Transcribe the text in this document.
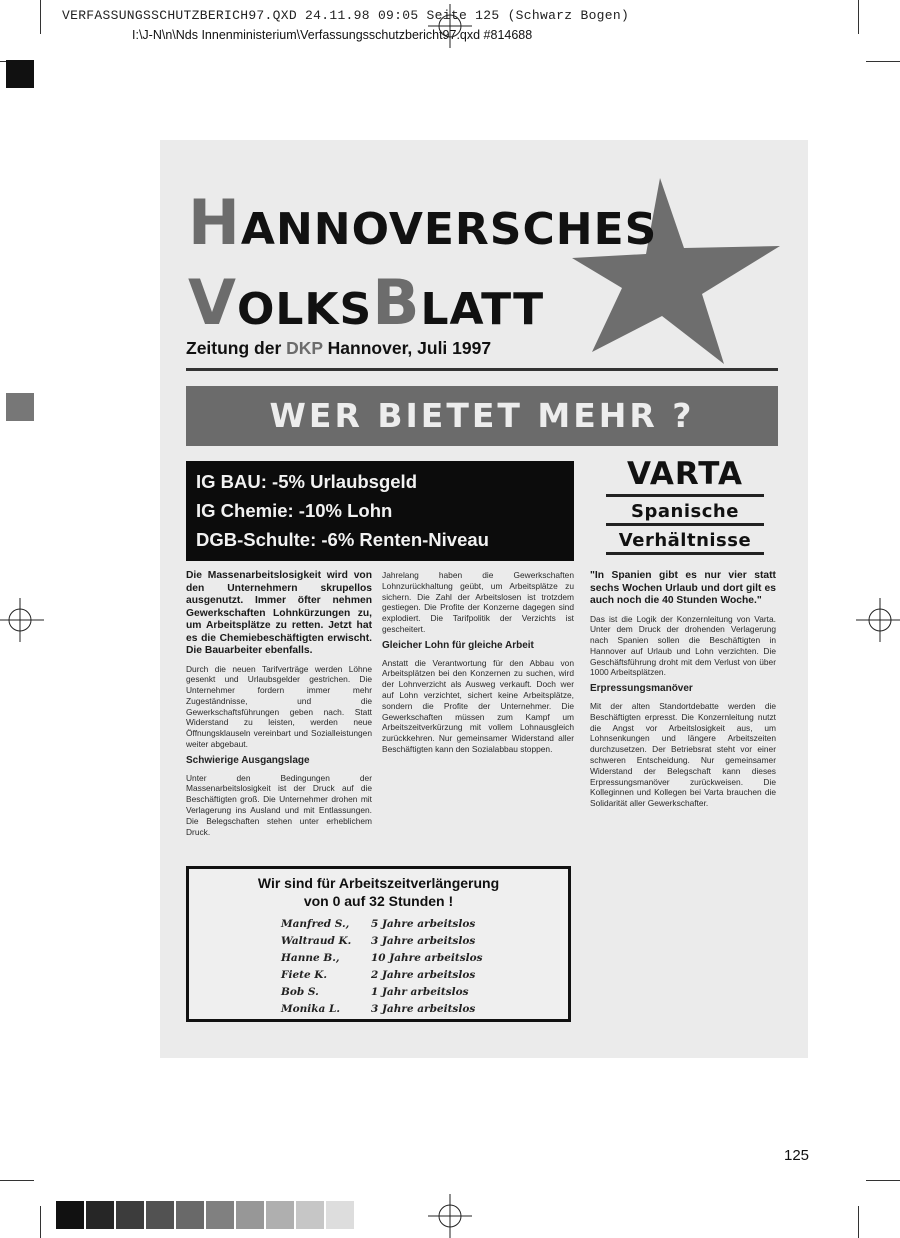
VERFASSUNGSSCHUTZBERICH97.QXD 24.11.98 09:05 Seite 125 (Schwarz Bogen)
I:\J-N\n\Nds Innenministerium\Verfassungsschutzbericht97.qxd #814688
HANNOVERSCHES
VOLKSBLATT
Zeitung der DKP Hannover, Juli 1997
WER BIETET MEHR ?
IG BAU: -5% Urlaubsgeld
IG Chemie: -10% Lohn
DGB-Schulte: -6% Renten-Niveau
VARTA
Spanische
Verhältnisse

Die Massenarbeitslosigkeit wird von den Unternehmern skrupellos ausgenutzt. Immer öfter nehmen Gewerkschaften Lohnkürzungen zu, um Arbeitsplätze zu retten. Jetzt hat es die Chemiebeschäftigten erwischt. Die Bauarbeiter ebenfalls.

Durch die neuen Tarifverträge werden Löhne gesenkt und Urlaubsgelder gestrichen. Die Unternehmer fordern immer mehr Zugeständnisse, und die Gewerkschaftsführungen geben nach. Statt Widerstand zu leisten, werden neue Öffnungsklauseln vereinbart und Sozialleistungen weiter abgebaut.

Schwierige Ausgangslage

Unter den Bedingungen der Massenarbeitslosigkeit ist der Druck auf die Beschäftigten groß. Die Unternehmer drohen mit Verlagerung ins Ausland und mit Entlassungen. Die Belegschaften stehen unter erheblichem Druck.

Jahrelang haben die Gewerkschaften Lohnzurückhaltung geübt, um Arbeitsplätze zu sichern. Die Zahl der Arbeitslosen ist trotzdem gestiegen. Die Profite der Konzerne dagegen sind explodiert. Die Tarifpolitik der Verzichts ist gescheitert.

Gleicher Lohn für gleiche Arbeit

Anstatt die Verantwortung für den Abbau von Arbeitsplätzen bei den Konzernen zu suchen, wird der Lohnverzicht als Ausweg verkauft. Doch wer auf Lohn verzichtet, sichert keine Arbeitsplätze, sondern die Profite der Unternehmer. Die Gewerkschaften müssen zum Kampf um Arbeitszeitverkürzung mit vollem Lohnausgleich zurückkehren. Nur gemeinsamer Widerstand aller Beschäftigten kann den Sozialabbau stoppen.

"In Spanien gibt es nur vier statt sechs Wochen Urlaub und dort gilt es auch noch die 40 Stunden Woche."

Das ist die Logik der Konzernleitung von Varta. Unter dem Druck der drohenden Verlagerung nach Spanien sollen die Beschäftigten in Hannover auf Urlaub und Lohn verzichten. Die Geschäftsführung droht mit dem Verlust von über 1000 Arbeitsplätzen.

Erpressungsmanöver

Mit der alten Standortdebatte werden die Beschäftigten erpresst. Die Konzernleitung nutzt die Angst vor Arbeitslosigkeit aus, um Lohnsenkungen und längere Arbeitszeiten durchzusetzen. Der Betriebsrat steht vor einer schweren Entscheidung. Nur gemeinsamer Widerstand der Belegschaft kann dieses Erpressungsmanöver zurückweisen. Die Kolleginnen und Kollegen bei Varta brauchen die Solidarität aller Gewerkschafter.

Wir sind für Arbeitszeitverlängerung
von 0 auf 32 Stunden !
Manfred S.,	5 Jahre arbeitslos
Waltraud K.	3 Jahre arbeitslos
Hanne B.,	10 Jahre arbeitslos
Fiete K.	2 Jahre arbeitslos
Bob S.	1 Jahr arbeitslos
Monika L.	3 Jahre arbeitslos
125
